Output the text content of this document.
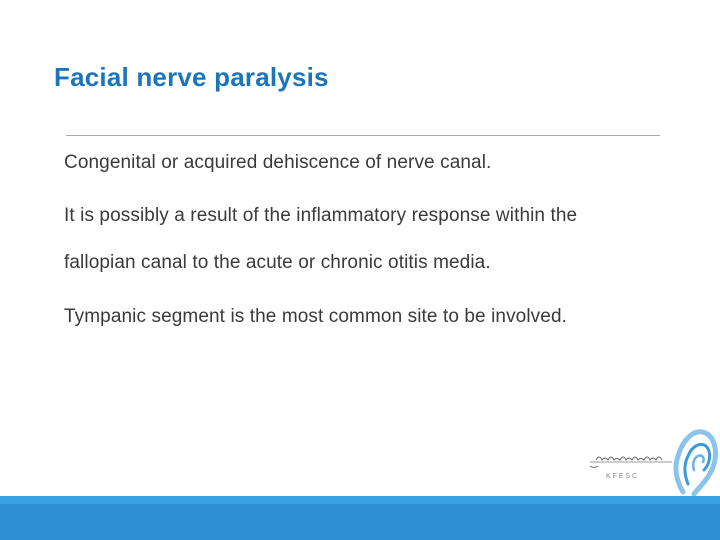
Facial nerve paralysis
Congenital or acquired dehiscence of nerve canal.
It is possibly a result of the inflammatory response within the
fallopian canal to the acute or chronic otitis media.
Tympanic segment is the most common site to be involved.
K F E S C
